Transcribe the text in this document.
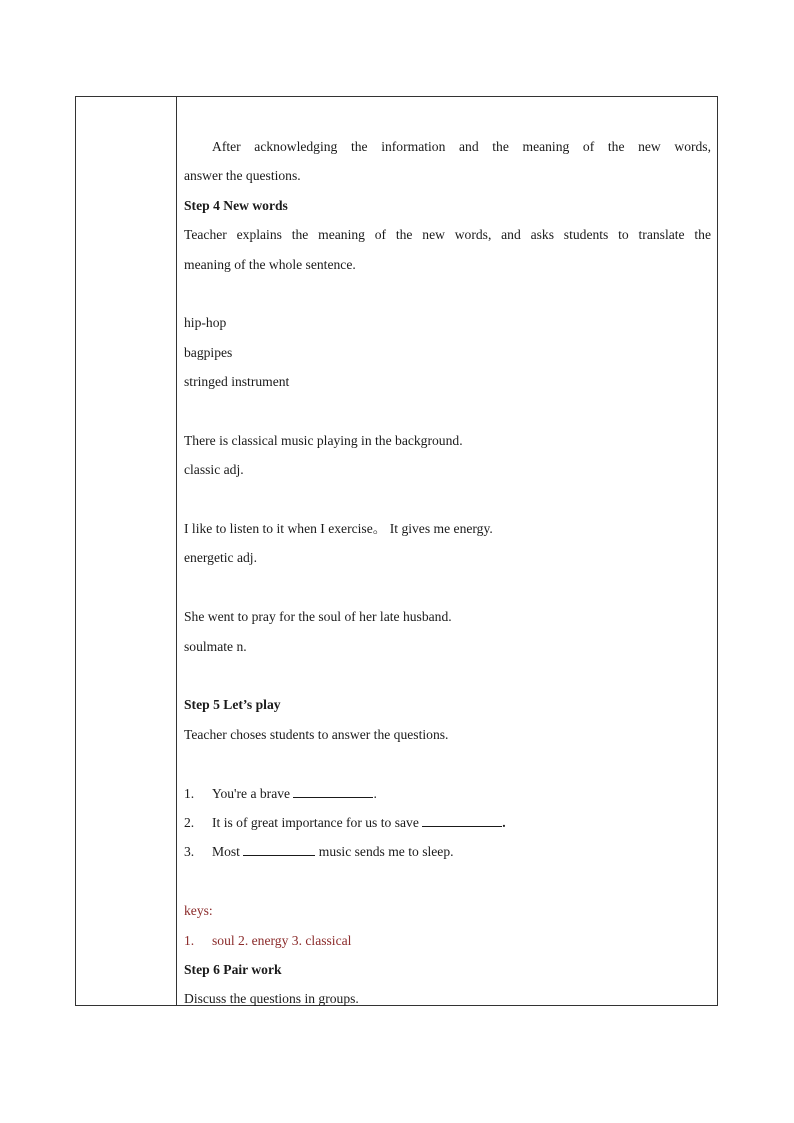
After acknowledging the information and the meaning of the new words,
answer the questions.
Step 4 New words
Teacher explains the meaning of the new words, and asks students to translate the
meaning of the whole sentence.
hip-hop
bagpipes
stringed instrument
There is classical music playing in the background.
classic adj.
I like to listen to it when I exercise。 It gives me energy.
energetic adj.
She went to pray for the soul of her late husband.
soulmate n.
Step 5 Let’s play
Teacher choses students to answer the questions.
1. You're a brave	.
2. It is of great importance for us to save	.
3. Most	music sends me to sleep.
keys:
1. soul 2. energy 3. classical
Step 6 Pair work
Discuss the questions in groups.
